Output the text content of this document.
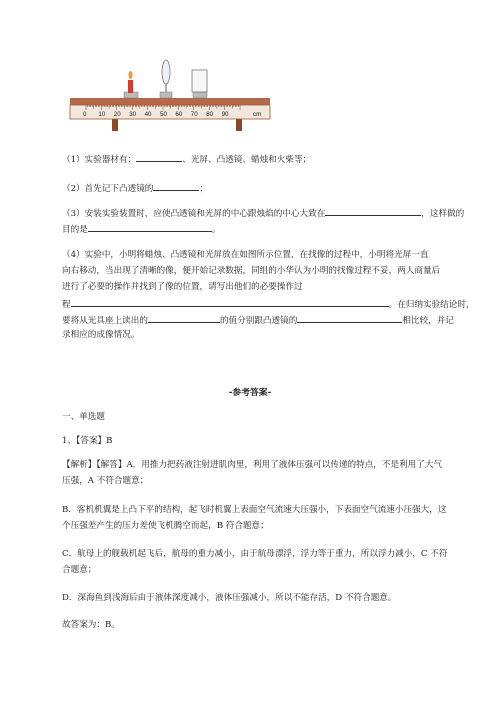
0 10 20 30 40 50 60 70 80 90	cm
（1）实验器材有：	、光屏、凸透镜、蜡烛和火柴等；
（2）首先记下凸透镜的	；
（3）安装实验装置时，应使凸透镜和光屏的中心跟烛焰的中心大致在	，这样做的
目的是	。
（4）实验中，小明将蜡烛、凸透镜和光屏放在如图所示位置，在找像的过程中，小明将光屏一直
向右移动，当出现了清晰的像，便开始记录数据，同组的小华认为小明的找像过程不妥，两人商量后
进行了必要的操作并找到了像的位置，请写出他们的必要操作过
程	。在归纳实验结论时，
要将从光具座上读出的	的值分别跟凸透镜的	相比较，并记
录相应的成像情况。
-参考答案-
一、单选题
1、【答案】B
【解析】【解答】A．用推力把药液注射进肌肉里，利用了液体压强可以传递的特点，不是利用了大气
压强，A 不符合题意；
B．客机机翼是上凸下平的结构，起飞时机翼上表面空气流速大压强小，下表面空气流速小压强大，这
个压强差产生的压力差使飞机腾空而起，B 符合题意；
C．航母上的舰载机起飞后，航母的重力减小，由于航母漂浮，浮力等于重力，所以浮力减小，C 不符
合题意；
D．深海鱼到浅海后由于液体深度减小，液体压强减小，所以不能存活，D 不符合题意。
故答案为：B。
